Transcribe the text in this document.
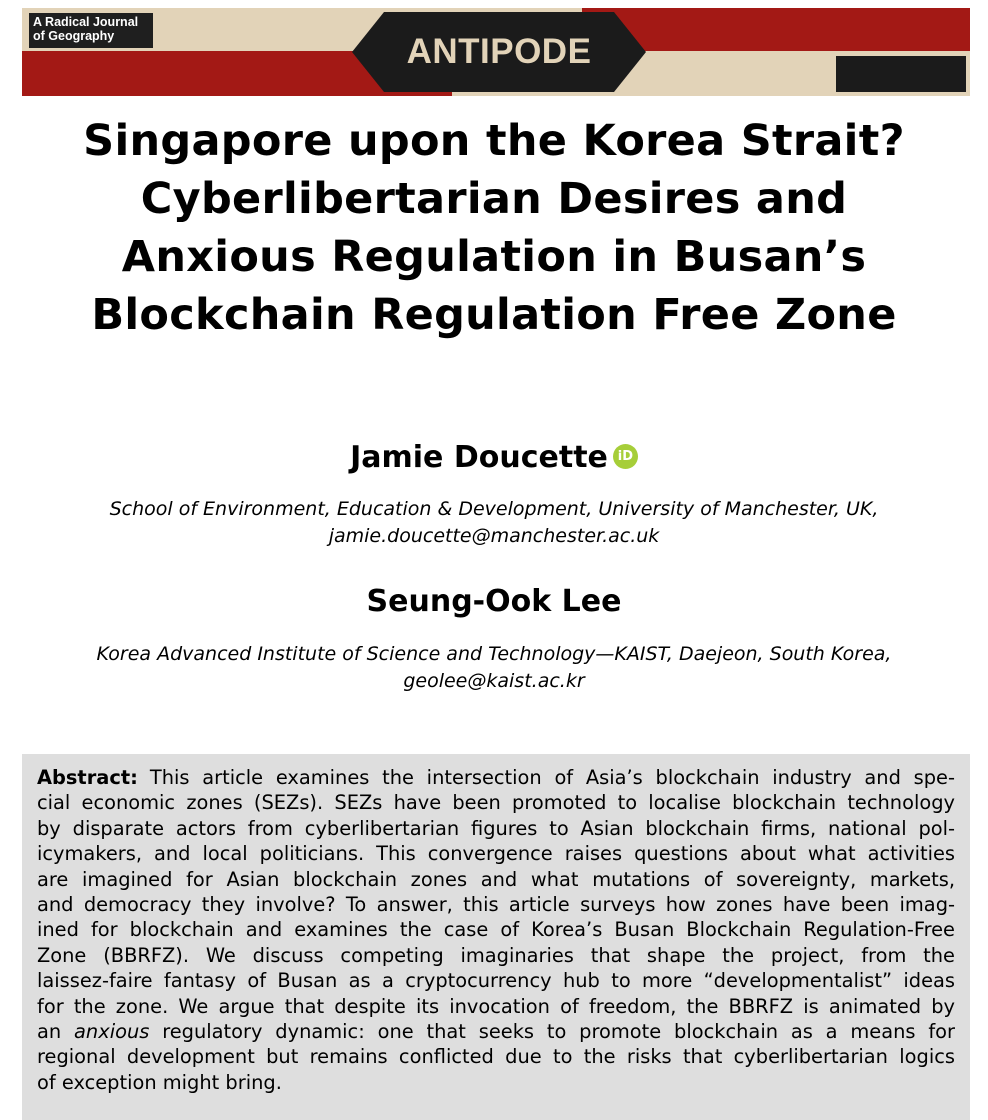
A Radical Journal
of Geography	ANTIPODE
Singapore upon the Korea Strait?
Cyberlibertarian Desires and
Anxious Regulation in Busan’s
Blockchain Regulation Free Zone

Jamie Doucette iD

School of Environment, Education & Development, University of Manchester, UK,
jamie.doucette@manchester.ac.uk

Seung-Ook Lee

Korea Advanced Institute of Science and Technology—KAIST, Daejeon, South Korea,
geolee@kaist.ac.kr

Abstract: This article examines the intersection of Asia’s blockchain industry and spe-
cial economic zones (SEZs). SEZs have been promoted to localise blockchain technology
by disparate actors from cyberlibertarian figures to Asian blockchain firms, national pol-
icymakers, and local politicians. This convergence raises questions about what activities
are imagined for Asian blockchain zones and what mutations of sovereignty, markets,
and democracy they involve? To answer, this article surveys how zones have been imag-
ined for blockchain and examines the case of Korea’s Busan Blockchain Regulation-Free
Zone (BBRFZ). We discuss competing imaginaries that shape the project, from the
laissez-faire fantasy of Busan as a cryptocurrency hub to more “developmentalist” ideas
for the zone. We argue that despite its invocation of freedom, the BBRFZ is animated by
an anxious regulatory dynamic: one that seeks to promote blockchain as a means for
regional development but remains conflicted due to the risks that cyberlibertarian logics
of exception might bring.
